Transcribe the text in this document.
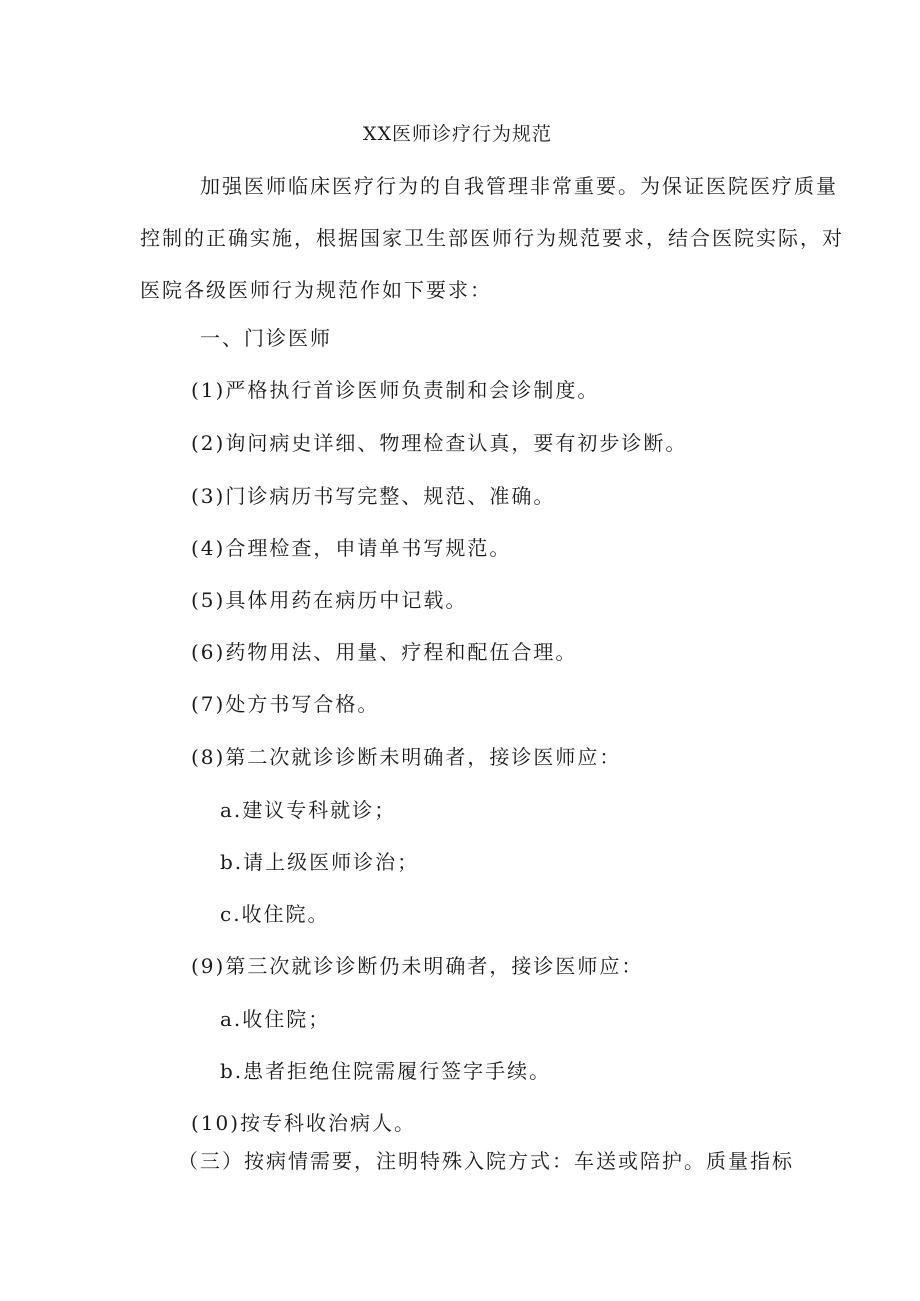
XX医师诊疗行为规范
加强医师临床医疗行为的自我管理非常重要。为保证医院医疗质量
控制的正确实施，根据国家卫生部医师行为规范要求，结合医院实际，对
医院各级医师行为规范作如下要求：
一、门诊医师
(1)严格执行首诊医师负责制和会诊制度。
(2)询问病史详细、物理检查认真，要有初步诊断。
(3)门诊病历书写完整、规范、准确。
(4)合理检查，申请单书写规范。
(5)具体用药在病历中记载。
(6)药物用法、用量、疗程和配伍合理。
(7)处方书写合格。
(8)第二次就诊诊断未明确者，接诊医师应：
a.建议专科就诊；
b.请上级医师诊治；
c.收住院。
(9)第三次就诊诊断仍未明确者，接诊医师应：
a.收住院；
b.患者拒绝住院需履行签字手续。
(10)按专科收治病人。
（三）按病情需要，注明特殊入院方式：车送或陪护。质量指标
